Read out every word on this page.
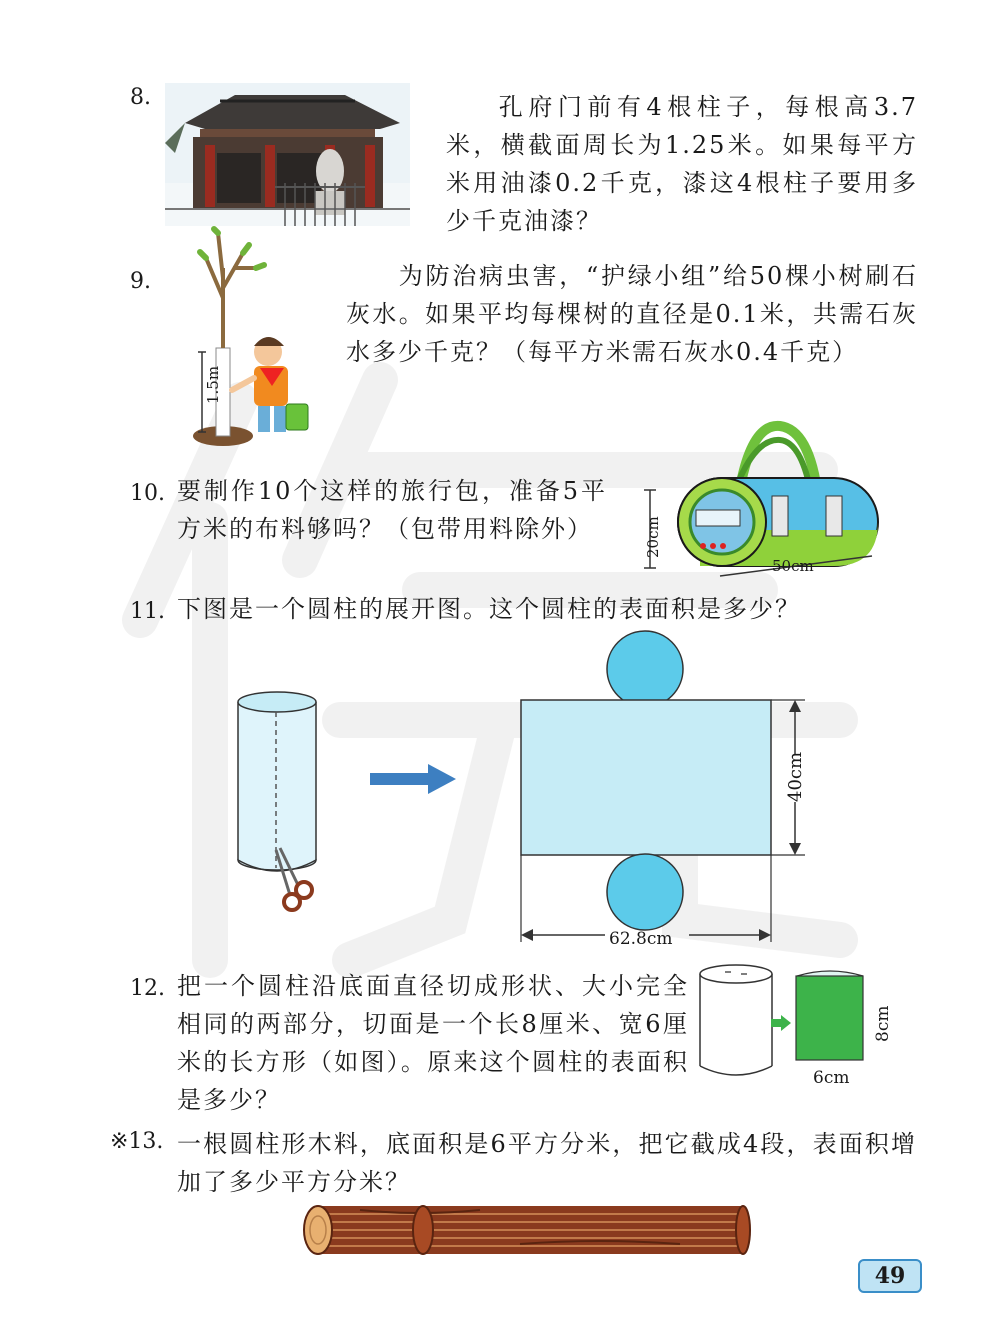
8.	孔府门前有4根柱子，每根高3.7米，横截面周长为1.25米。如果每平方米用油漆0.2千克，漆这4根柱子要用多少千克油漆？
9.
1.5m
为防治病虫害，“护绿小组”给50棵小树刷石灰水。如果平均每棵树的直径是0.1米，共需石灰水多少千克？（每平方米需石灰水0.4千克）
10. 要制作10个这样的旅行包，准备5平方米的布料够吗？（包带用料除外）	20cm
50cm
11. 下图是一个圆柱的展开图。这个圆柱的表面积是多少？
40cm
62.8cm
12. 把一个圆柱沿底面直径切成形状、大小完全相同的两部分，切面是一个长8厘米、宽6厘米的长方形（如图）。原来这个圆柱的表面积是多少？
8cm
6cm
※13. 一根圆柱形木料，底面积是6平方分米，把它截成4段，表面积增加了多少平方分米？
49
